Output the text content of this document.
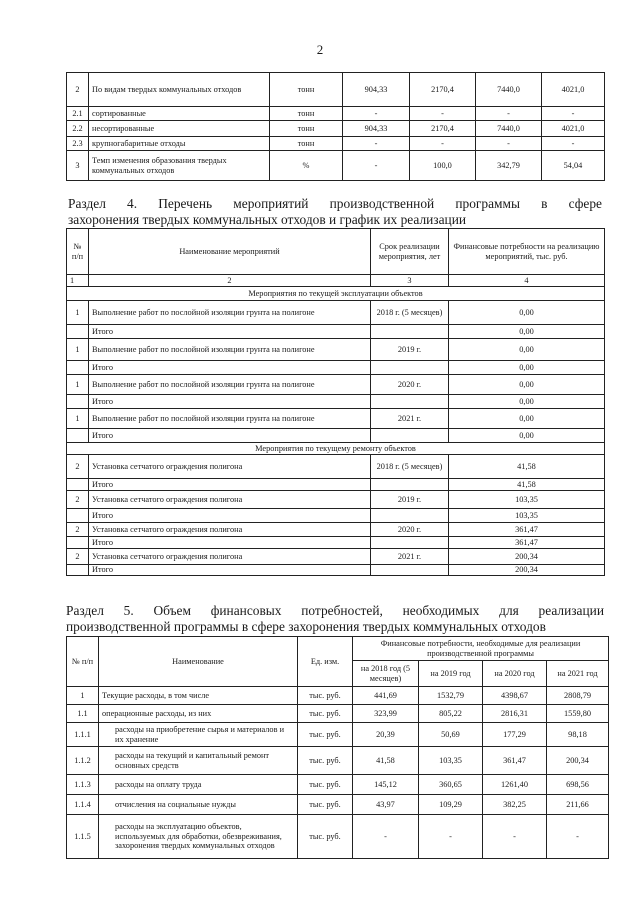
2
2	По видам твердых коммунальных отходов	тонн	904,33	2170,4	7440,0	4021,0
2.1	сортированные	тонн	-	-	-	-
2.2	несортированные	тонн	904,33	2170,4	7440,0	4021,0
2.3	крупногабаритные отходы	тонн	-	-	-	-
3	Темп изменения образования твердых коммунальных отходов	%	-	100,0	342,79	54,04
Раздел 4. Перечень мероприятий производственной программы в сфере
захоронения твердых коммунальных отходов и график их реализации
№ п/п	Наименование мероприятий	Срок реализации мероприятия, лет	Финансовые потребности на реализацию мероприятий, тыс. руб.
1	2	3	4
Мероприятия по текущей эксплуатации объектов			
1	Выполнение работ по послойной изоляции грунта на полигоне	2018 г. (5 месяцев)	0,00
	Итого		0,00
1	Выполнение работ по послойной изоляции грунта на полигоне	2019 г.	0,00
	Итого		0,00
1	Выполнение работ по послойной изоляции грунта на полигоне	2020 г.	0,00
	Итого		0,00
1	Выполнение работ по послойной изоляции грунта на полигоне	2021 г.	0,00
	Итого		0,00
Мероприятия по текущему ремонту объектов			
2	Установка сетчатого ограждения полигона	2018 г. (5 месяцев)	41,58
	Итого		41,58
2	Установка сетчатого ограждения полигона	2019 г.	103,35
	Итого		103,35
2	Установка сетчатого ограждения полигона	2020 г.	361,47
	Итого		361,47
2	Установка сетчатого ограждения полигона	2021 г.	200,34
	Итого		200,34
Раздел 5. Объем финансовых потребностей, необходимых для реализации
производственной программы в сфере захоронения твердых коммунальных отходов
№ п/п	Наименование	Ед. изм.	Финансовые потребности, необходимые для реализации производственной программы			
			на 2018 год (5 месяцев)	на 2019 год	на 2020 год	на 2021 год
1	Текущие расходы, в том числе	тыс. руб.	441,69	1532,79	4398,67	2808,79
1.1	операционные расходы, из них	тыс. руб.	323,99	805,22	2816,31	1559,80
1.1.1	расходы на приобретение сырья и материалов и их хранение	тыс. руб.	20,39	50,69	177,29	98,18
1.1.2	расходы на текущий и капитальный ремонт основных средств	тыс. руб.	41,58	103,35	361,47	200,34
1.1.3	расходы на оплату труда	тыс. руб.	145,12	360,65	1261,40	698,56
1.1.4	отчисления на социальные нужды	тыс. руб.	43,97	109,29	382,25	211,66
1.1.5	расходы на эксплуатацию объектов, используемых для обработки, обезвреживания, захоронения твердых коммунальных отходов	тыс. руб.	-	-	-	-
